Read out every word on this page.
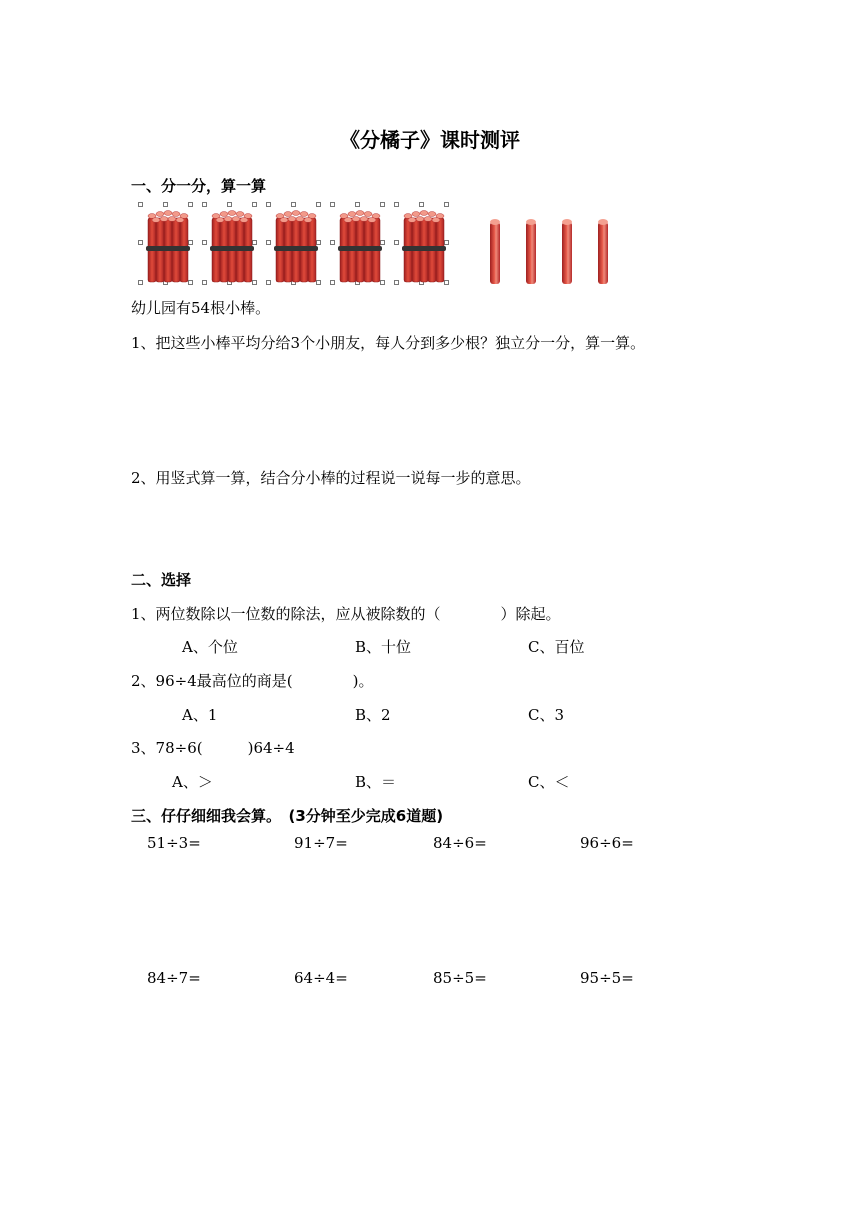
《分橘子》课时测评
一、分一分，算一算
幼儿园有54根小棒。
1、把这些小棒平均分给3个小朋友，每人分到多少根？独立分一分，算一算。
2、用竖式算一算，结合分小棒的过程说一说每一步的意思。
二、选择
1、两位数除以一位数的除法，应从被除数的（　　　　）除起。
A、个位	B、十位	C、百位
2、96÷4最高位的商是(　　　　)。
A、1	B、2	C、3
3、78÷6(　　　)64÷4
A、＞	B、＝	C、＜
三、仔仔细细我会算。　(3分钟至少完成6道题)
51÷3=	91÷7=	84÷6=	96÷6=
84÷7=	64÷4=	85÷5=	95÷5=
